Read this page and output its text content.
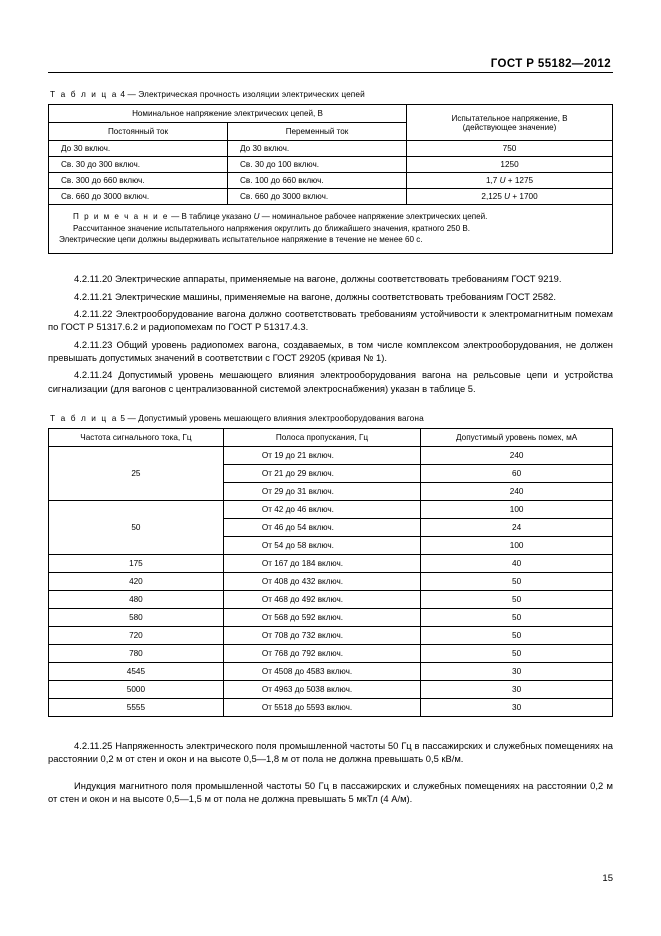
ГОСТ Р 55182—2012
Т а б л и ц а 4 — Электрическая прочность изоляции электрических цепей
Номинальное напряжение электрических цепей, В		Испытательное напряжение, В
(действующее значение)
Постоянный ток	Переменный ток	
До 30 включ.	До 30 включ.	750
Св. 30 до 300 включ.	Св. 30 до 100 включ.	1250
Св. 300 до 660 включ.	Св. 100 до 660 включ.	1,7 U + 1275
Св. 660 до 3000 включ.	Св. 660 до 3000 включ.	2,125 U + 1700

П р и м е ч а н и е — В таблице указано U — номинальное рабочее напряжение электрических цепей.

Рассчитанное значение испытательного напряжения округлить до ближайшего значения, кратного 250 В.

Электрические цепи должны выдерживать испытательное напряжение в течение не менее 60 с.		

4.2.11.20 Электрические аппараты, применяемые на вагоне, должны соответствовать требованиям ГОСТ 9219.

4.2.11.21 Электрические машины, применяемые на вагоне, должны соответствовать требованиям ГОСТ 2582.

4.2.11.22 Электрооборудование вагона должно соответствовать требованиям устойчивости к электромагнитным помехам по ГОСТ Р 51317.6.2 и радиопомехам по ГОСТ Р 51317.4.3.

4.2.11.23 Общий уровень радиопомех вагона, создаваемых, в том числе комплексом электрооборудования, не должен превышать допустимых значений в соответствии с ГОСТ 29205 (кривая № 1).

4.2.11.24 Допустимый уровень мешающего влияния электрооборудования вагона на рельсовые цепи и устройства сигнализации (для вагонов с централизованной системой электроснабжения) указан в таблице 5.

Т а б л и ц а 5 — Допустимый уровень мешающего влияния электрооборудования вагона
Частота сигнального тока, Гц	Полоса пропускания, Гц	Допустимый уровень помех, мА
25	От 19 до 21 включ.	240
	От 21 до 29 включ.	60
	От 29 до 31 включ.	240
50	От 42 до 46 включ.	100
	От 46 до 54 включ.	24
	От 54 до 58 включ.	100
175	От 167 до 184 включ.	40
420	От 408 до 432 включ.	50
480	От 468 до 492 включ.	50
580	От 568 до 592 включ.	50
720	От 708 до 732 включ.	50
780	От 768 до 792 включ.	50
4545	От 4508 до 4583 включ.	30
5000	От 4963 до 5038 включ.	30
5555	От 5518 до 5593 включ.	30

4.2.11.25 Напряженность электрического поля промышленной частоты 50 Гц в пассажирских и служебных помещениях на расстоянии 0,2 м от стен и окон и на высоте 0,5—1,8 м от пола не должна превышать 0,5 кВ/м.

Индукция магнитного поля промышленной частоты 50 Гц в пассажирских и служебных помещениях на расстоянии 0,2 м от стен и окон и на высоте 0,5—1,5 м от пола не должна превышать 5 мкТл (4 А/м).

15
